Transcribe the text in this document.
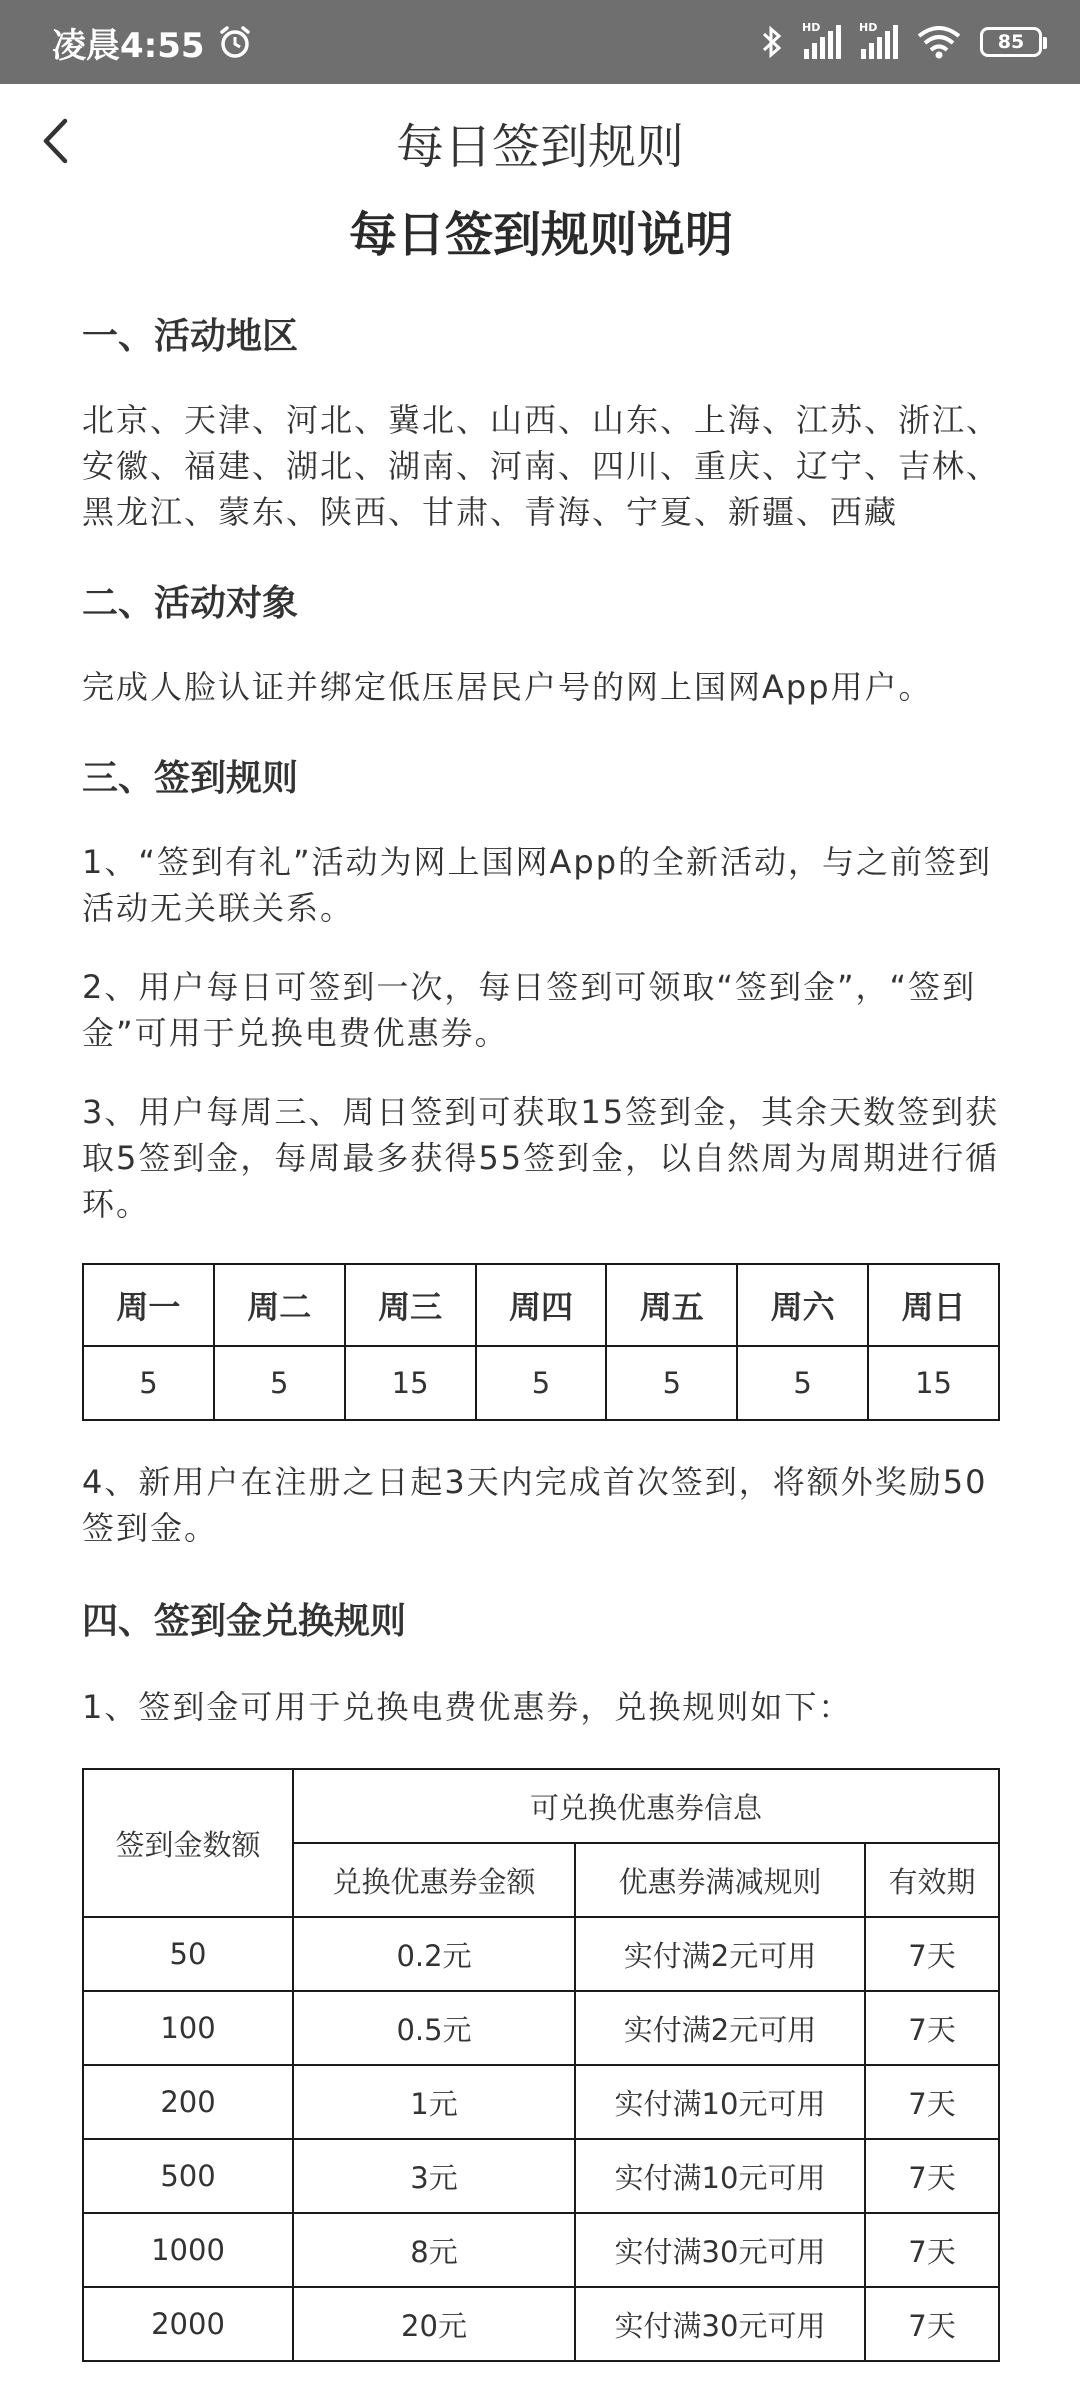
凌晨4:55	HD	HD
85
每日签到规则
每日签到规则说明
一、活动地区

北京、天津、河北、冀北、山西、山东、上海、江苏、浙江、安徽、福建、湖北、湖南、河南、四川、重庆、辽宁、吉林、黑龙江、蒙东、陕西、甘肃、青海、宁夏、新疆、西藏

二、活动对象

完成人脸认证并绑定低压居民户号的网上国网App用户。

三、签到规则

1、“签到有礼”活动为网上国网App的全新活动，与之前签到活动无关联关系。

2、用户每日可签到一次，每日签到可领取“签到金”，“签到金”可用于兑换电费优惠券。

3、用户每周三、周日签到可获取15签到金，其余天数签到获取5签到金，每周最多获得55签到金，以自然周为周期进行循环。

周一	周二	周三	周四	周五	周六	周日
5	5	15	5	5	5	15

4、新用户在注册之日起3天内完成首次签到，将额外奖励50签到金。

四、签到金兑换规则

1、签到金可用于兑换电费优惠券，兑换规则如下：

签到金数额	可兑换优惠券信息		
	兑换优惠券金额	优惠券满减规则	有效期
50	0.2元	实付满2元可用	7天
100	0.5元	实付满2元可用	7天
200	1元	实付满10元可用	7天
500	3元	实付满10元可用	7天
1000	8元	实付满30元可用	7天
2000	20元	实付满30元可用	7天
